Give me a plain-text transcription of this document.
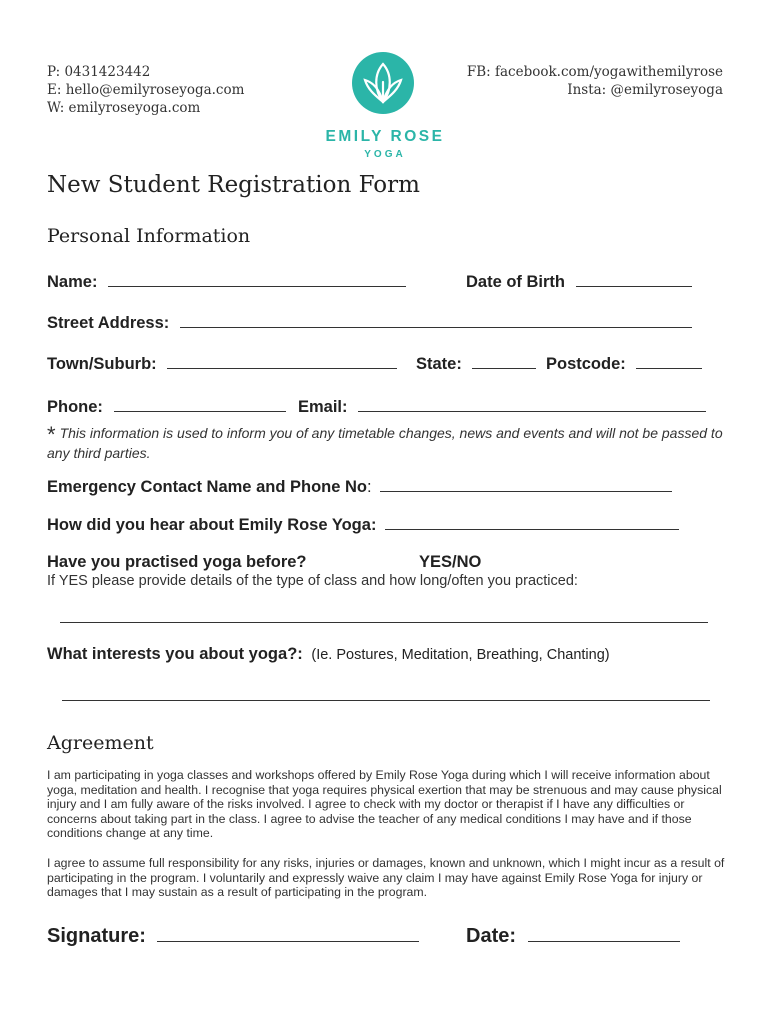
P: 0431423442
E: hello@emilyroseyoga.com
W: emilyroseyoga.com
FB: facebook.com/yogawithemilyrose
Insta: @emilyroseyoga
EMILY ROSE
YOGA
New Student Registration Form
Personal Information
Name:	Date of Birth
Street Address:
Town/Suburb:	State:	Postcode:
Phone:	Email:
* This information is used to inform you of any timetable changes, news and events and will not be passed to any third parties.
Emergency Contact Name and Phone No:
How did you hear about Emily Rose Yoga:
Have you practised yoga before?	YES/NO
If YES please provide details of the type of class and how long/often you practiced:
What interests you about yoga?: (Ie. Postures, Meditation, Breathing, Chanting)
Agreement
I am participating in yoga classes and workshops offered by Emily Rose Yoga during which I will receive information about yoga, meditation and health. I recognise that yoga requires physical exertion that may be strenuous and may cause physical injury and I am fully aware of the risks involved. I agree to check with my doctor or therapist if I have any difficulties or concerns about taking part in the class. I agree to advise the teacher of any medical conditions I may have and if those conditions change at any time.
I agree to assume full responsibility for any risks, injuries or damages, known and unknown, which I might incur as a result of participating in the program. I voluntarily and expressly waive any claim I may have against Emily Rose Yoga for injury or damages that I may sustain as a result of participating in the program.
Signature:	Date:
